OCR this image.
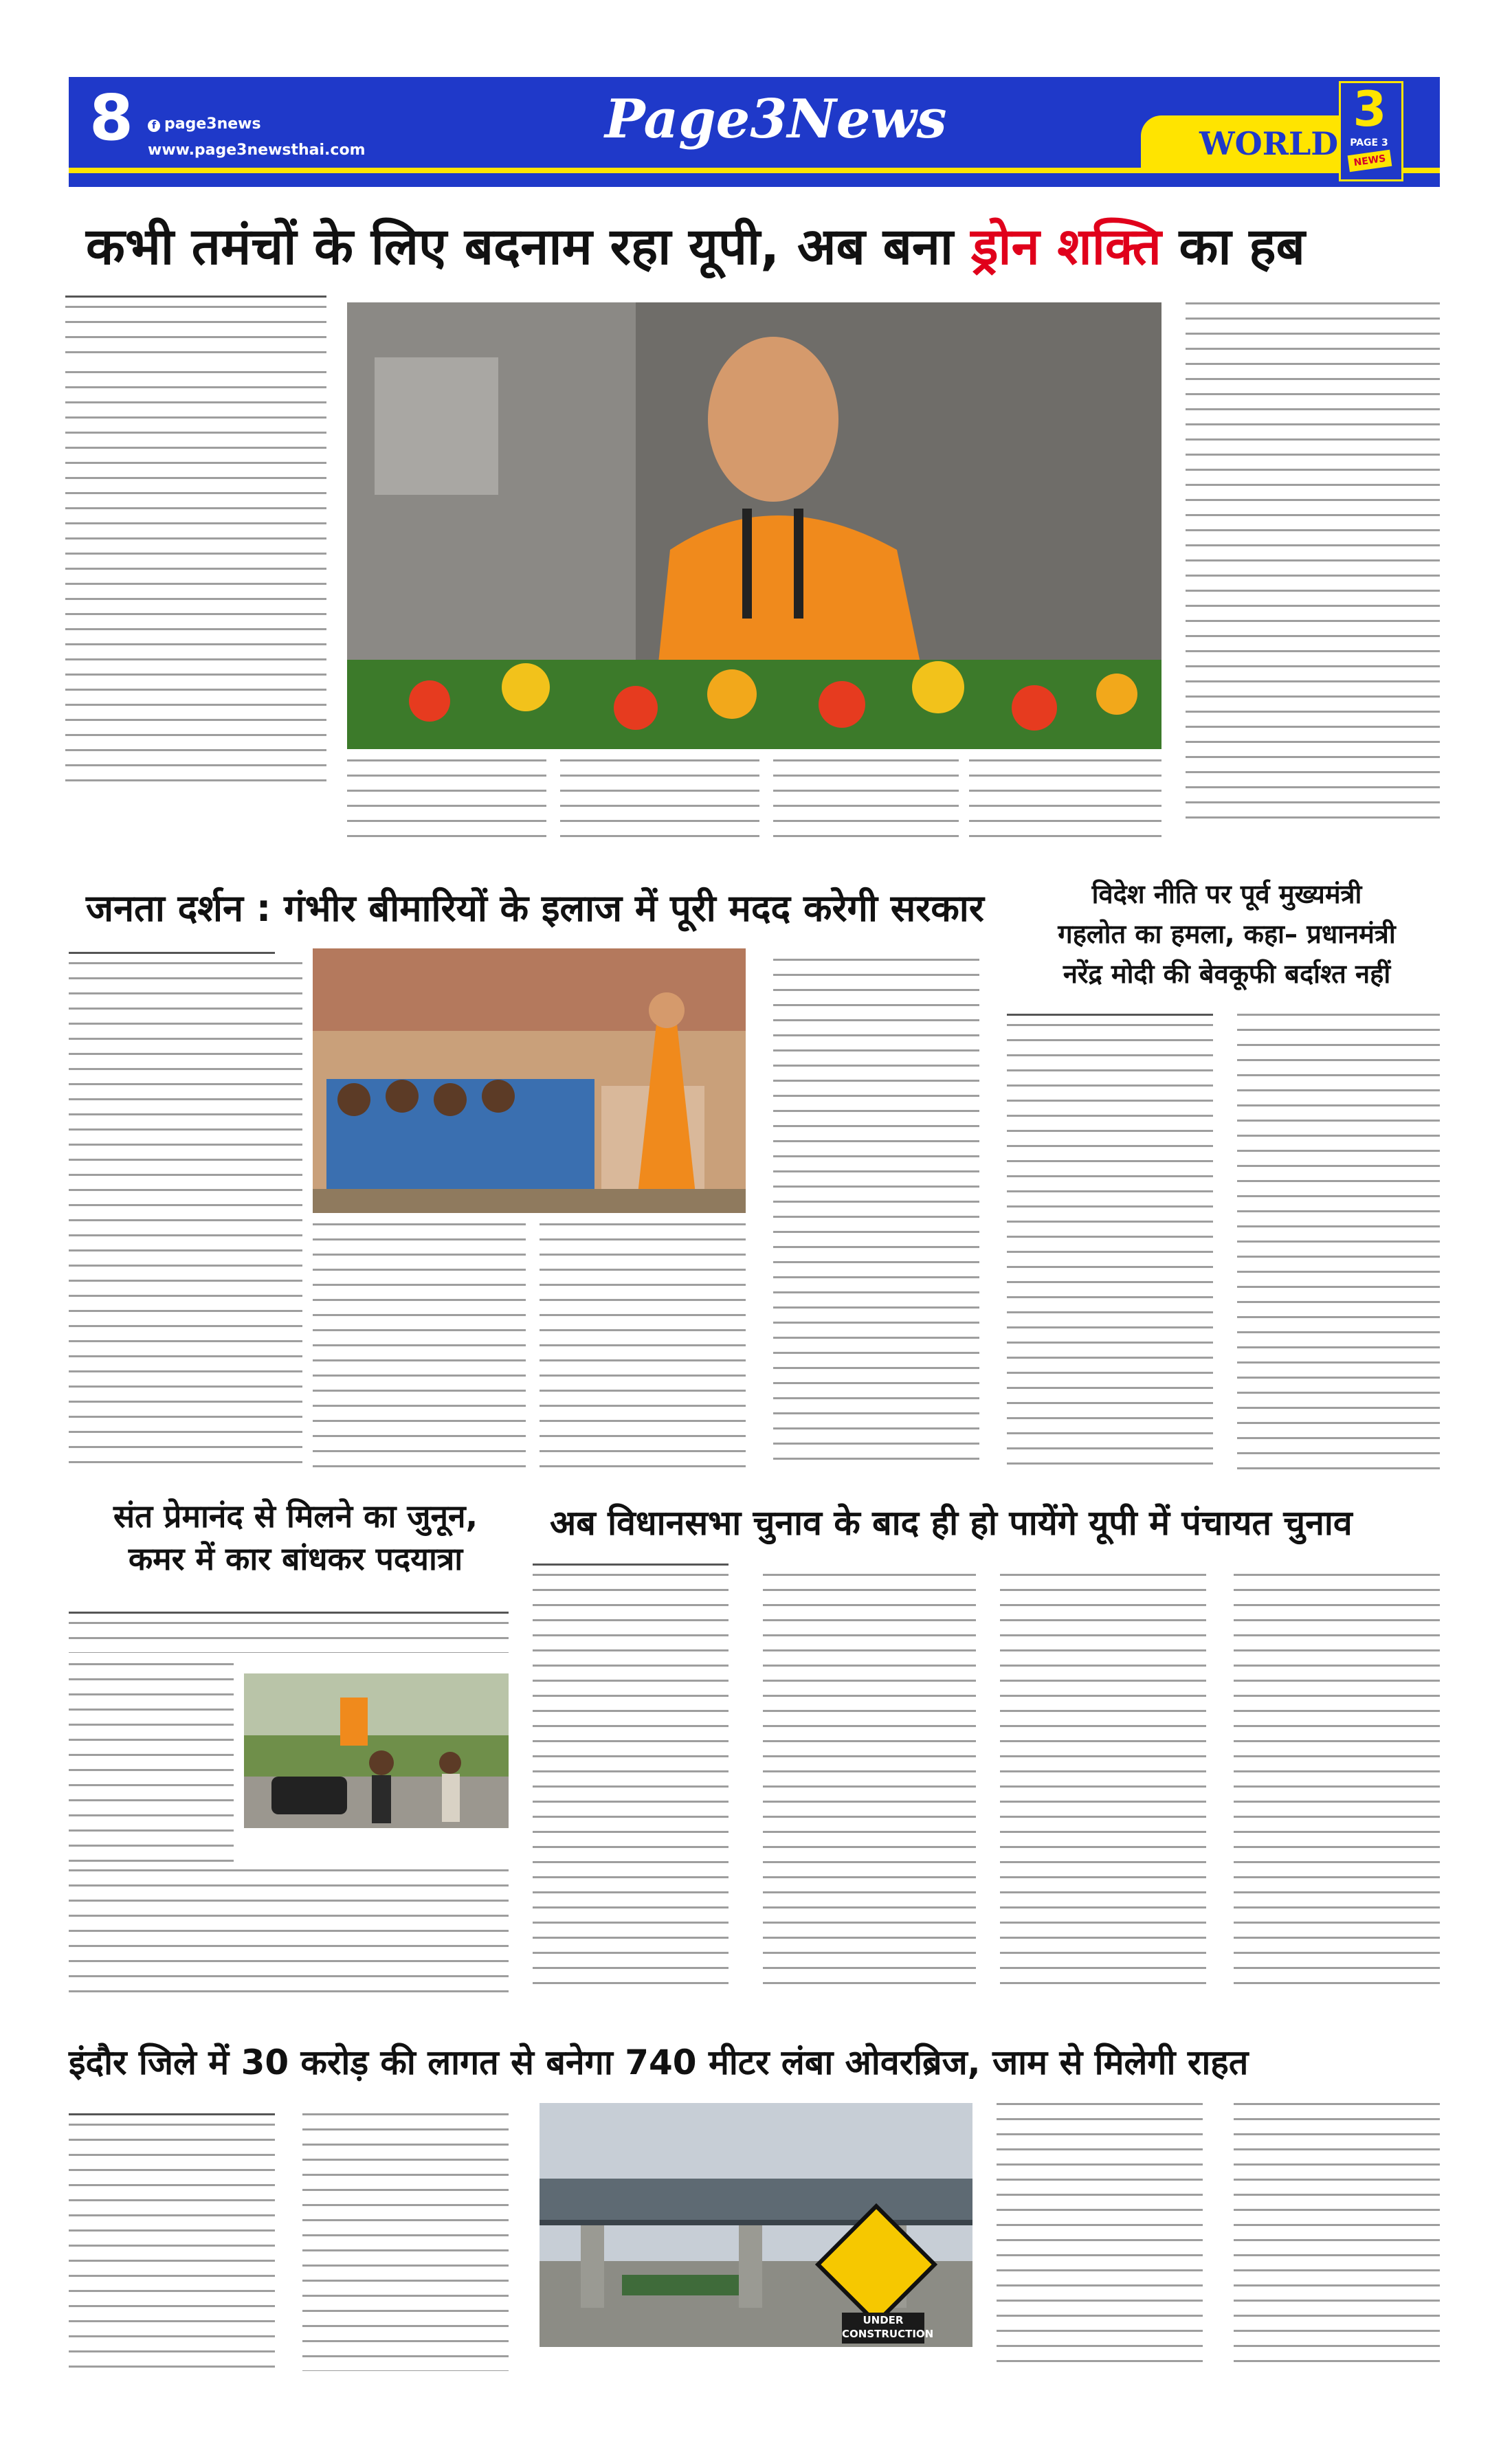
8	f page3news
www.page3newsthai.com	Page3News	WORLD
3
PAGE 3
NEWS
कभी तमंचों के लिए बदनाम रहा यूपी, अब बना ड्रोन शक्ति का हब
जनता दर्शन : गंभीर बीमारियों के इलाज में पूरी मदद करेगी सरकार	विदेश नीति पर पूर्व मुख्यमंत्री
गहलोत का हमला, कहा– प्रधानमंत्री
नरेंद्र मोदी की बेवकूफी बर्दाश्त नहीं
संत प्रेमानंद से मिलने का जुनून,
कमर में कार बांधकर पदयात्रा
अब विधानसभा चुनाव के बाद ही हो पायेंगे यूपी में पंचायत चुनाव
इंदौर जिले में 30 करोड़ की लागत से बनेगा 740 मीटर लंबा ओवरब्रिज, जाम से मिलेगी राहत
UNDER
CONSTRUCTION
